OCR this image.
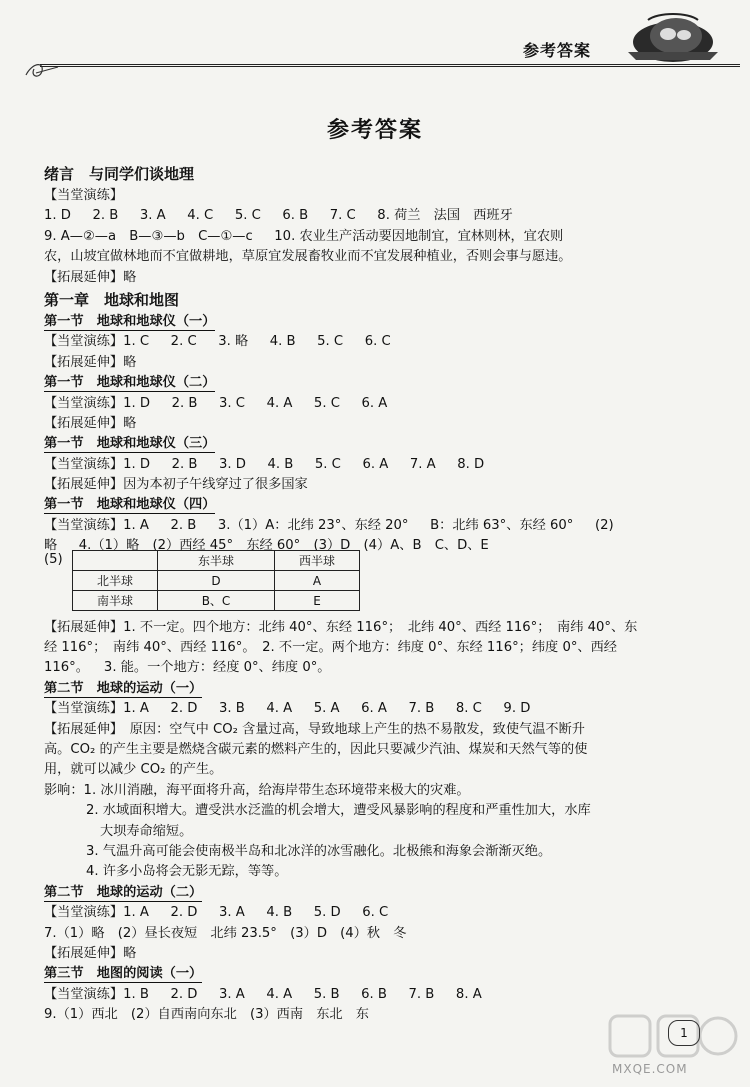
参考答案
参考答案
绪言　与同学们谈地理
【当堂演练】
1. D　  2. B　  3. A　  4. C　  5. C　  6. B　  7. C　  8. 荷兰　法国　西班牙
9. A—②—a　B—③—b　C—①—c　  10. 农业生产活动要因地制宜，宜林则林，宜农则
农，山坡宜做林地而不宜做耕地，草原宜发展畜牧业而不宜发展种植业，否则会事与愿违。
【拓展延伸】略
第一章　地球和地图
第一节　地球和地球仪（一）
【当堂演练】1. C　  2. C　  3. 略　  4. B　  5. C　  6. C
【拓展延伸】略
第一节　地球和地球仪（二）
【当堂演练】1. D　  2. B　  3. C　  4. A　  5. C　  6. A
【拓展延伸】略
第一节　地球和地球仪（三）
【当堂演练】1. D　  2. B　  3. D　  4. B　  5. C　  6. A　  7. A　  8. D
【拓展延伸】因为本初子午线穿过了很多国家
第一节　地球和地球仪（四）
【当堂演练】1. A　  2. B　  3.（1）A：北纬 23°、东经 20°　  B：北纬 63°、东经 60°　  (2)
略　  4.（1）略　(2）西经 45°　东经 60°　(3）D　(4）A、B　C、D、E
【拓展延伸】1. 不一定。四个地方：北纬 40°、东经 116°；　北纬 40°、西经 116°；　南纬 40°、东
经 116°；　南纬 40°、西经 116°。　2. 不一定。两个地方：纬度 0°、东经 116°；纬度 0°、西经
116°。　  3. 能。一个地方：经度 0°、纬度 0°。
第二节　地球的运动（一）
【当堂演练】1. A　  2. D　  3. B　  4. A　  5. A　  6. A　  7. B　  8. C　  9. D
【拓展延伸】　原因：空气中 CO₂ 含量过高，导致地球上产生的热不易散发，致使气温不断升
高。CO₂ 的产生主要是燃烧含碳元素的燃料产生的，因此只要减少汽油、煤炭和天然气等的使
用，就可以减少 CO₂ 的产生。
影响：1. 冰川消融，海平面将升高，给海岸带生态环境带来极大的灾难。
2. 水域面积增大。遭受洪水泛滥的机会增大，遭受风暴影响的程度和严重性加大，水库
大坝寿命缩短。
3. 气温升高可能会使南极半岛和北冰洋的冰雪融化。北极熊和海象会渐渐灭绝。
4. 许多小岛将会无影无踪，等等。
第二节　地球的运动（二）
【当堂演练】1. A　  2. D　  3. A　  4. B　  5. D　  6. C
7.（1）略　(2）昼长夜短　北纬 23.5°　(3）D　(4）秋　冬
【拓展延伸】略
第三节　地图的阅读（一）
【当堂演练】1. B　  2. D　  3. A　  4. A　  5. B　  6. B　  7. B　  8. A
9.（1）西北　(2）自西南向东北　(3）西南　东北　东
(5)
		东半球	西半球
北半球	D	A
南半球	B、C	E
1
MXQE.COM
